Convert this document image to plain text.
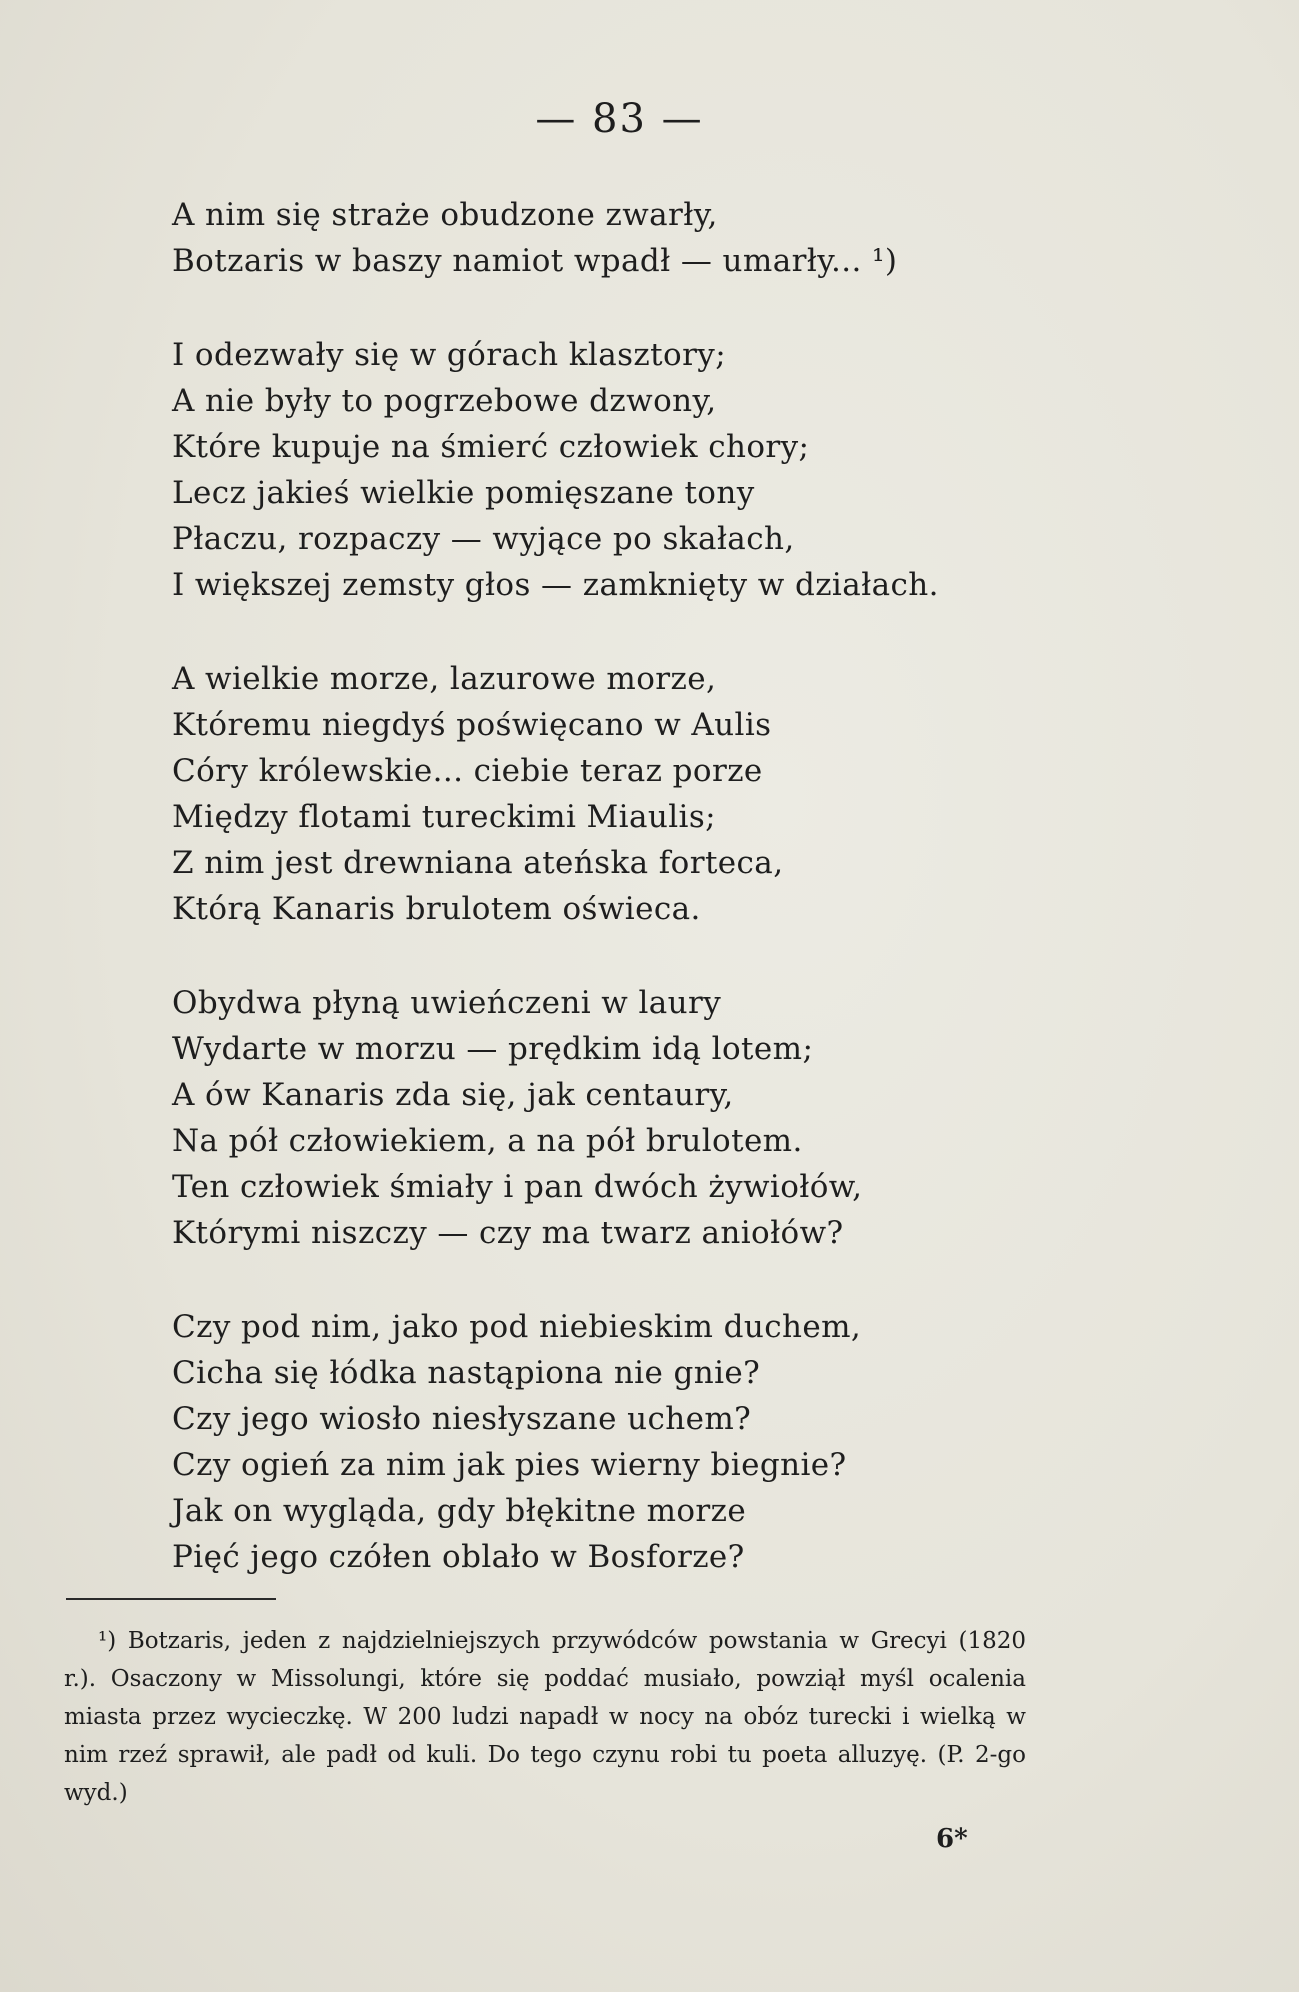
— 83 —
A nim się straże obudzone zwarły,
Botzaris w baszy namiot wpadł — umarły... ¹)
I odezwały się w górach klasztory;
A nie były to pogrzebowe dzwony,
Które kupuje na śmierć człowiek chory;
Lecz jakieś wielkie pomięszane tony
Płaczu, rozpaczy — wyjące po skałach,
I większej zemsty głos — zamknięty w działach.
A wielkie morze, lazurowe morze,
Któremu niegdyś poświęcano w Aulis
Córy królewskie... ciebie teraz porze
Między flotami tureckimi Miaulis;
Z nim jest drewniana ateńska forteca,
Którą Kanaris brulotem oświeca.
Obydwa płyną uwieńczeni w laury
Wydarte w morzu — prędkim idą lotem;
A ów Kanaris zda się, jak centaury,
Na pół człowiekiem, a na pół brulotem.
Ten człowiek śmiały i pan dwóch żywiołów,
Którymi niszczy — czy ma twarz aniołów?
Czy pod nim, jako pod niebieskim duchem,
Cicha się łódka nastąpiona nie gnie?
Czy jego wiosło niesłyszane uchem?
Czy ogień za nim jak pies wierny biegnie?
Jak on wygląda, gdy błękitne morze
Pięć jego czółen oblało w Bosforze?
¹) Botzaris, jeden z najdzielniejszych przywódców powstania w Grecyi (1820 r.). Osaczony w Missolungi, które się poddać musiało, powziął myśl ocalenia miasta przez wycieczkę. W 200 ludzi napadł w nocy na obóz turecki i wielką w nim rzeź sprawił, ale padł od kuli. Do tego czynu robi tu poeta alluzyę. (P. 2-go wyd.)
6*
